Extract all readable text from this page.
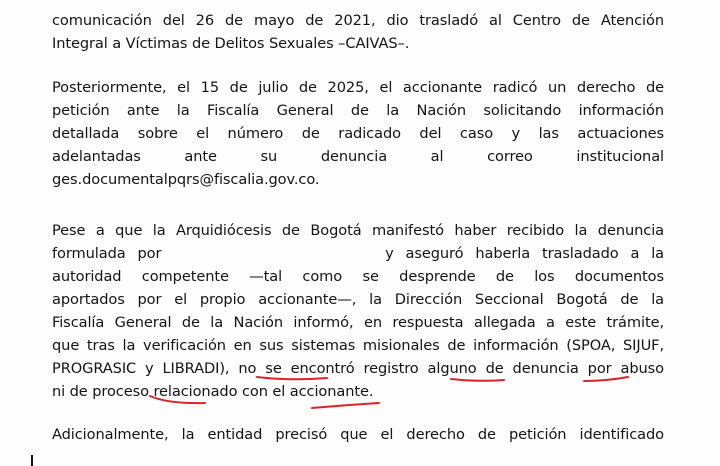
comunicación del 26 de mayo de 2021, dio trasladó al Centro de Atención
Integral a Víctimas de Delitos Sexuales –CAIVAS–.
Posteriormente, el 15 de julio de 2025, el accionante radicó un derecho de
petición ante la Fiscalía General de la Nación solicitando información
detallada sobre el número de radicado del caso y las actuaciones
adelantadas ante su denuncia al correo institucional
ges.documentalpqrs@fiscalia.gov.co.
Pese a que la Arquidiócesis de Bogotá manifestó haber recibido la denuncia
formulada por	y aseguró haberla trasladado a la
autoridad competente —tal como se desprende de los documentos
aportados por el propio accionante—, la Dirección Seccional Bogotá de la
Fiscalía General de la Nación informó, en respuesta allegada a este trámite,
que tras la verificación en sus sistemas misionales de información (SPOA, SIJUF,
PROGRASIC y LIBRADI), no se encontró registro alguno de denuncia por abuso
ni de proceso relacionado con el accionante.
Adicionalmente, la entidad precisó que el derecho de petición identificado
